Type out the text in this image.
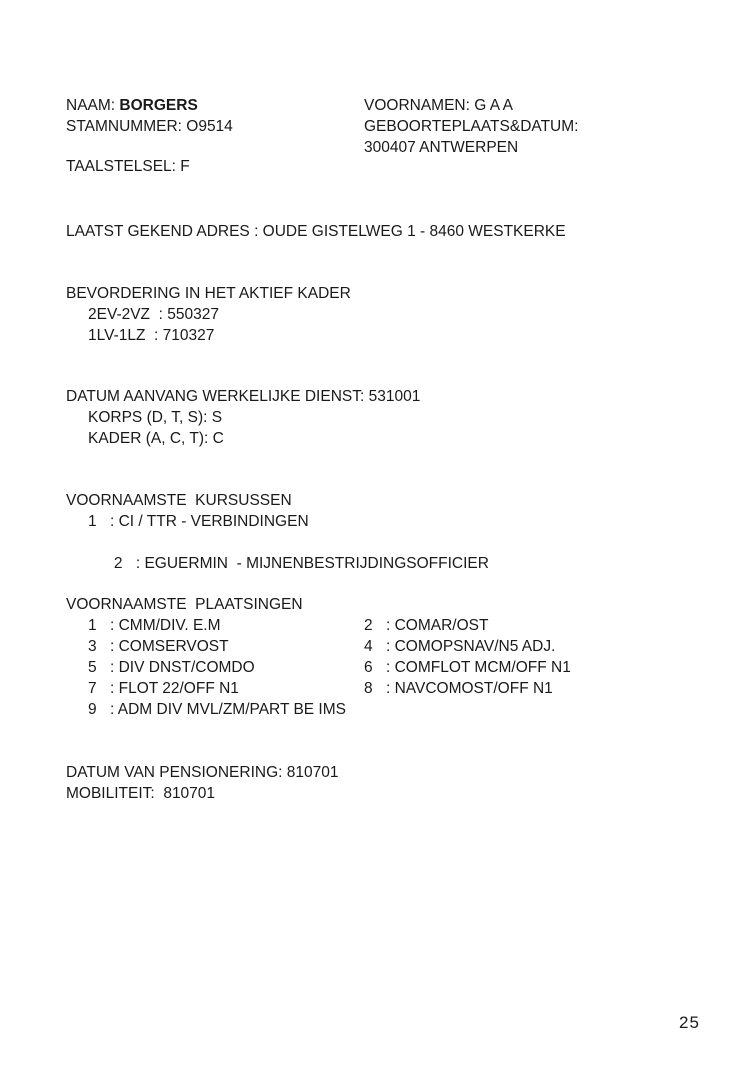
NAAM: BORGERS
STAMNUMMER: O9514
TAALSTELSEL: F
VOORNAMEN: G A A
GEBOORTEPLAATS&DATUM:
300407 ANTWERPEN
LAATST GEKEND ADRES : OUDE GISTELWEG 1 - 8460 WESTKERKE
BEVORDERING IN HET AKTIEF KADER
2EV-2VZ  : 550327
1LV-1LZ  : 710327
DATUM AANVANG WERKELIJKE DIENST: 531001
KORPS (D, T, S): S
KADER (A, C, T): C
VOORNAAMSTE  KURSUSSEN
1 : CI / TTR - VERBINDINGEN

2 : EGUERMIN  - MIJNENBESTRIJDINGSOFFICIER

VOORNAAMSTE  PLAATSINGEN
1 : CMM/DIV. E.M	2 : COMAR/OST
3 : COMSERVOST	4 : COMOPSNAV/N5 ADJ.
5 : DIV DNST/COMDO	6 : COMFLOT MCM/OFF N1
7 : FLOT 22/OFF N1	8 : NAVCOMOST/OFF N1
9 : ADM DIV MVL/ZM/PART BE IMS
DATUM VAN PENSIONERING: 810701
MOBILITEIT:  810701
25
